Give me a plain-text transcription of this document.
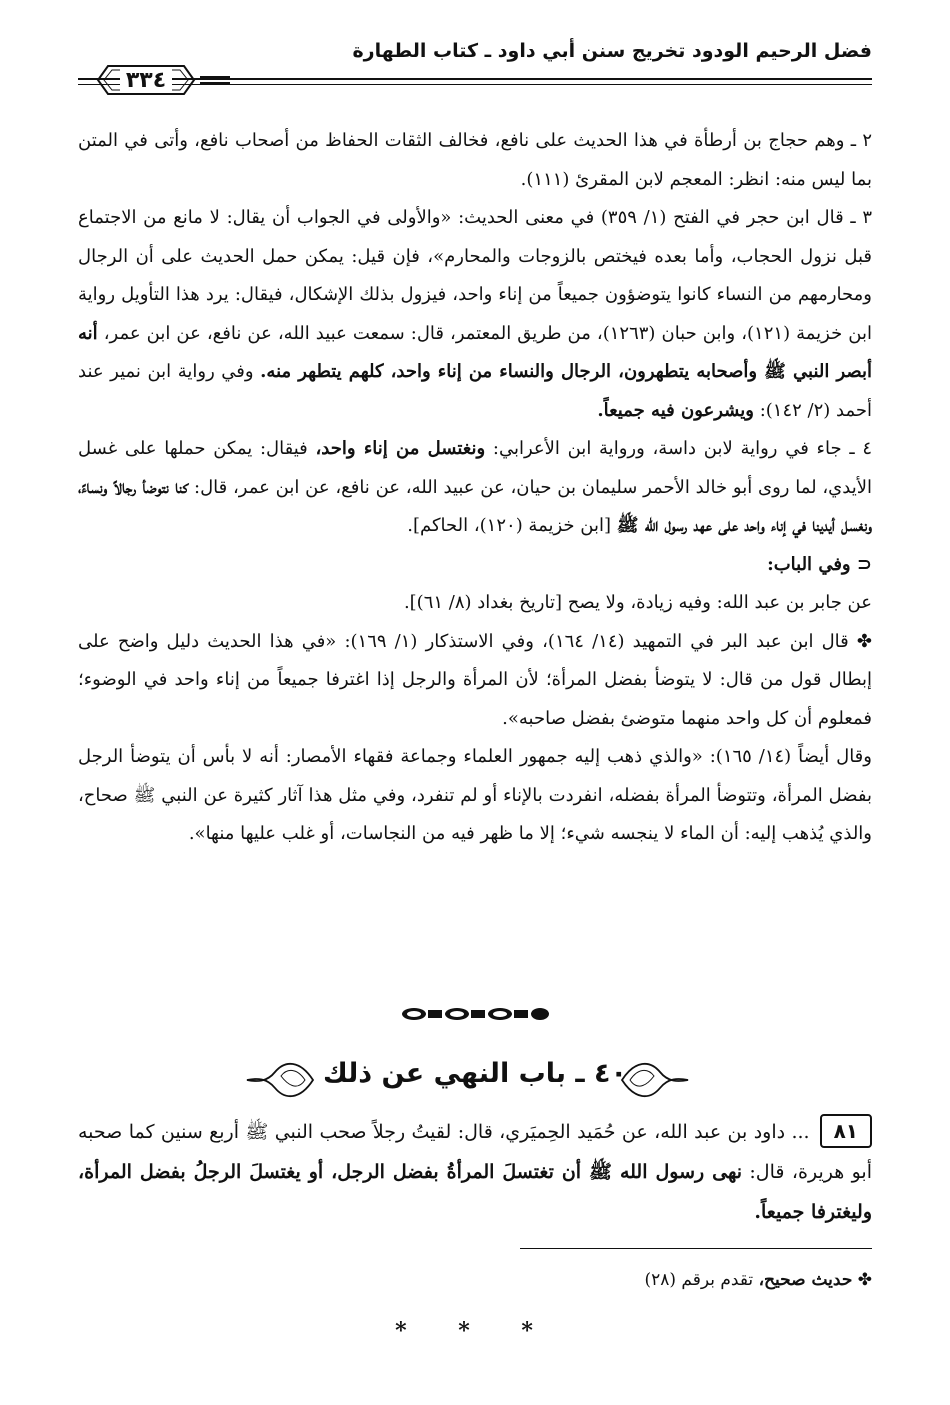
فضل الرحيم الودود تخريج سنن أبي داود ـ كتاب الطهارة
٣٣٤

٢ ـ وهم حجاج بن أرطأة في هذا الحديث على نافع، فخالف الثقات الحفاظ من أصحاب نافع، وأتى في المتن بما ليس منه: انظر: المعجم لابن المقرئ (١١١).

٣ ـ قال ابن حجر في الفتح (١/ ٣٥٩) في معنى الحديث: «والأولى في الجواب أن يقال: لا مانع من الاجتماع قبل نزول الحجاب، وأما بعده فيختص بالزوجات والمحارم»، فإن قيل: يمكن حمل الحديث على أن الرجال ومحارمهم من النساء كانوا يتوضؤون جميعاً من إناء واحد، فيزول بذلك الإشكال، فيقال: يرد هذا التأويل رواية ابن خزيمة (١٢١)، وابن حبان (١٢٦٣)، من طريق المعتمر، قال: سمعت عبيد الله، عن نافع، عن ابن عمر، أنه أبصر النبي ﷺ وأصحابه يتطهرون، الرجال والنساء من إناء واحد، كلهم يتطهر منه. وفي رواية ابن نمير عند أحمد (٢/ ١٤٢): ويشرعون فيه جميعاً.

٤ ـ جاء في رواية لابن داسة، ورواية ابن الأعرابي: ونغتسل من إناء واحد، فيقال: يمكن حملها على غسل الأيدي، لما روى أبو خالد الأحمر سليمان بن حيان، عن عبيد الله، عن نافع، عن ابن عمر، قال: كنا نتوضأ رجالاً ونساءً، ونغسل أيدينا في إناء واحد على عهد رسول الله ﷺ [ابن خزيمة (١٢٠)، الحاكم].

⊂ وفي الباب:

عن جابر بن عبد الله: وفيه زيادة، ولا يصح [تاريخ بغداد (٨/ ٦١)].

✤ قال ابن عبد البر في التمهيد (١٤/ ١٦٤)، وفي الاستذكار (١/ ١٦٩): «في هذا الحديث دليل واضح على إبطال قول من قال: لا يتوضأ بفضل المرأة؛ لأن المرأة والرجل إذا اغترفا جميعاً من إناء واحد في الوضوء؛ فمعلوم أن كل واحد منهما متوضئ بفضل صاحبه».

وقال أيضاً (١٤/ ١٦٥): «والذي ذهب إليه جمهور العلماء وجماعة فقهاء الأمصار: أنه لا بأس أن يتوضأ الرجل بفضل المرأة، وتتوضأ المرأة بفضله، انفردت بالإناء أو لم تنفرد، وفي مثل هذا آثار كثيرة عن النبي ﷺ صحاح، والذي يُذهب إليه: أن الماء لا ينجسه شيء؛ إلا ما ظهر فيه من النجاسات، أو غلب عليها منها».

٤٠ ـ باب النهي عن ذلك
٨١... داود بن عبد الله، عن حُمَيد الحِميَري، قال: لقيتُ رجلاً صحب النبي ﷺ أربع سنين كما صحبه أبو هريرة، قال: نهى رسول الله ﷺ أن تغتسلَ المرأةُ بفضل الرجل، أو يغتسلَ الرجلُ بفضل المرأة، وليغترفا جميعاً.
✤ حديث صحيح، تقدم برقم (٢٨)
* * *
